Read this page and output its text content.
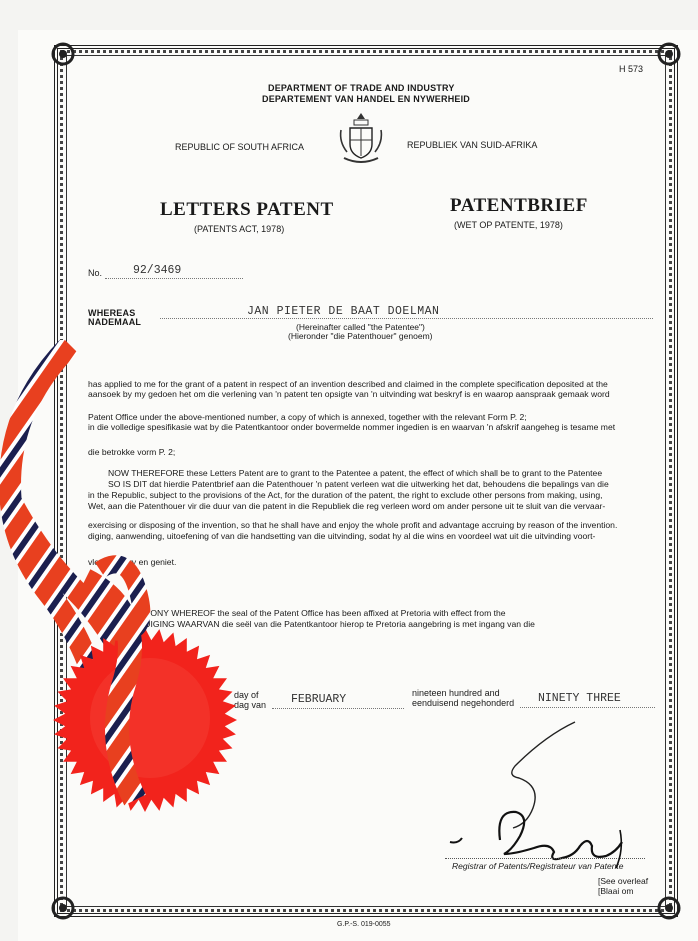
H 573
DEPARTMENT OF TRADE AND INDUSTRY
DEPARTEMENT VAN HANDEL EN NYWERHEID
REPUBLIC OF SOUTH AFRICA	REPUBLIEK VAN SUID-AFRIKA
LETTERS PATENT
(PATENTS ACT, 1978)
PATENTBRIEF
(WET OP PATENTE, 1978)
No.	92/3469
WHEREAS
NADEMAAL
JAN PIETER DE BAAT DOELMAN
(Hereinafter called "the Patentee")
(Hieronder "die Patenthouer" genoem)
has applied to me for the grant of a patent in respect of an invention described and claimed in the complete specification deposited at the
aansoek by my gedoen het om die verlening van 'n patent ten opsigte van 'n uitvinding wat beskryf is en waarop aanspraak gemaak word
Patent Office under the above-mentioned number, a copy of which is annexed, together with the relevant Form P. 2;
in die volledige spesifikasie wat by die Patentkantoor onder bovermelde nommer ingedien is en waarvan 'n afskrif aangeheg is tesame met
die betrokke vorm P. 2;
NOW THEREFORE these Letters Patent are to grant to the Patentee a patent, the effect of which shall be to grant to the Patentee
SO IS DIT dat hierdie Patentbrief aan die Patenthouer 'n patent verleen wat die uitwerking het dat, behoudens die bepalings van die
in the Republic, subject to the provisions of the Act, for the duration of the patent, the right to exclude other persons from making, using,
Wet, aan die Patenthouer vir die duur van die patent in die Republiek die reg verleen word om ander persone uit te sluit van die vervaar-
exercising or disposing of the invention, so that he shall have and enjoy the whole profit and advantage accruing by reason of the invention.
diging, aanwending, uitoefening of van die handsetting van die uitvinding, sodat hy al die wins en voordeel wat uit die uitvinding voort-
vloeit, verkry en geniet.
IN TESTIMONY WHEREOF the seal of the Patent Office has been affixed at Pretoria with effect from the
TEN BETUIGING WAARVAN die seël van die Patentkantoor hierop te Pretoria aangebring is met ingang van die
day of
dag van FEBRUARY	nineteen hundred and
eenduisend negehonderd NINETY THREE
Registrar of Patents/Registrateur van Patente
[See overleaf
[Blaai om
G.P.-S. 019-0055
